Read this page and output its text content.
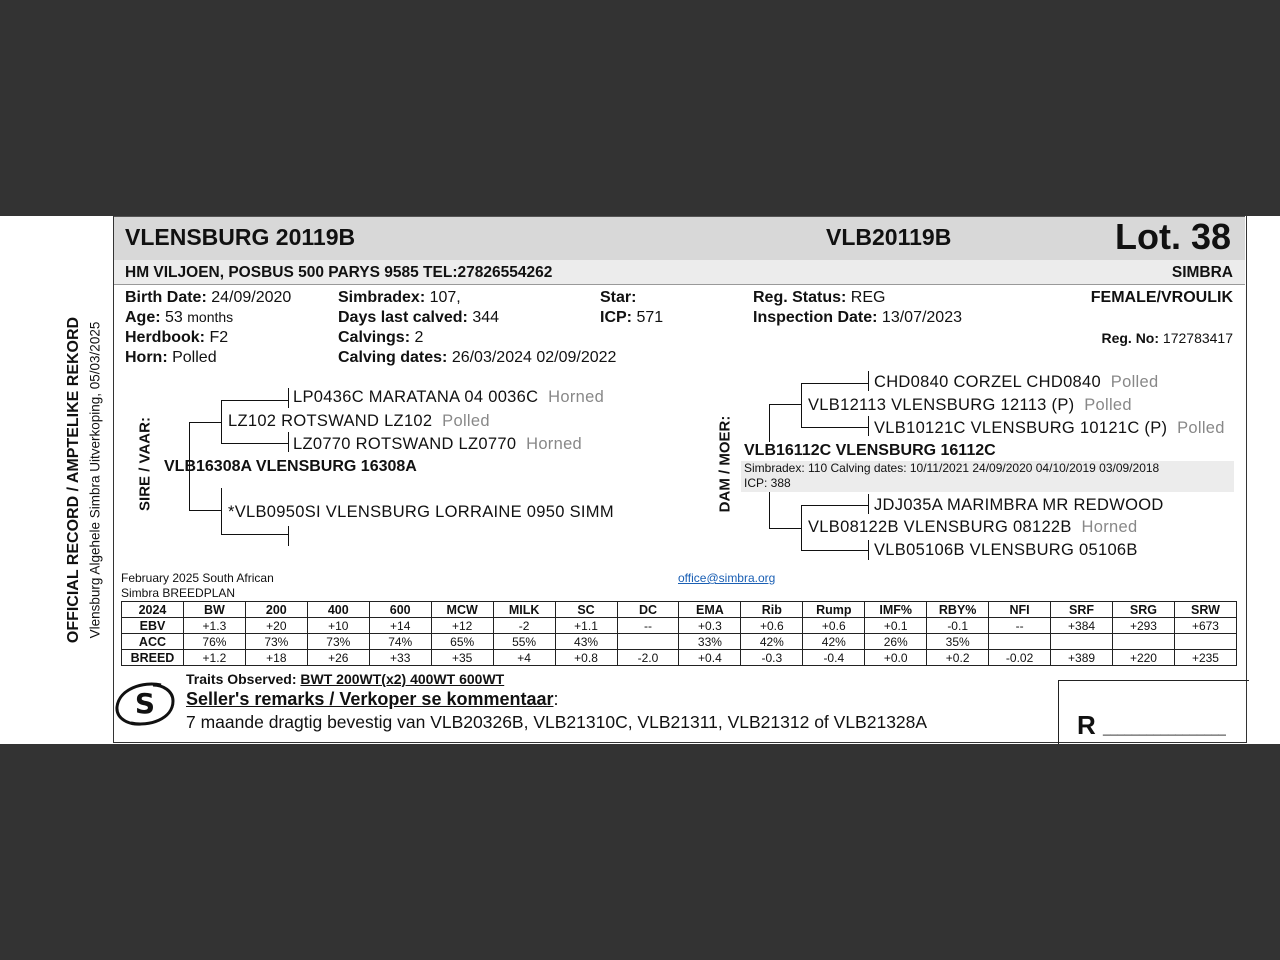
OFFICIAL RECORD / AMPTELIKE REKORD Vlensburg Algehele Simbra Uitverkoping, 05/03/2025
VLENSBURG 20119B	VLB20119B	Lot. 38
HM VILJOEN, POSBUS 500 PARYS 9585 TEL:27826554262	SIMBRA
Birth Date: 24/09/2020
Age: 53 months
Herdbook: F2
Horn: Polled
Simbradex: 107,
Days last calved: 344
Calvings: 2
Calving dates: 26/03/2024 02/09/2022
Star:
ICP: 571
Reg. Status: REG
Inspection Date: 13/07/2023
FEMALE/VROULIK
Reg. No: 172783417
SIRE / VAAR:
LP0436C MARATANA 04 0036C Horned
LZ102 ROTSWAND LZ102 Polled
LZ0770 ROTSWAND LZ0770 Horned
VLB16308A VLENSBURG 16308A
*VLB0950SI VLENSBURG LORRAINE 0950 SIMM	DAM / MOER:
CHD0840 CORZEL CHD0840 Polled
VLB12113 VLENSBURG 12113 (P) Polled
VLB10121C VLENSBURG 10121C (P) Polled
VLB16112C VLENSBURG 16112C
Simbradex: 110 Calving dates: 10/11/2021 24/09/2020 04/10/2019 03/09/2018
ICP: 388
JDJ035A MARIMBRA MR REDWOOD
VLB08122B VLENSBURG 08122B Horned
VLB05106B VLENSBURG 05106B
February 2025 South African
Simbra BREEDPLAN
office@simbra.org
2024	BW	200	400	600	MCW	MILK	SC	DC	EMA	Rib	Rump	IMF%	RBY%	NFI	SRF	SRG	SRW
EBV	+1.3	+20	+10	+14	+12	-2	+1.1	--	+0.3	+0.6	+0.6	+0.1	-0.1	--	+384	+293	+673
ACC	76%	73%	73%	74%	65%	55%	43%		33%	42%	42%	26%	35%				
BREED	+1.2	+18	+26	+33	+35	+4	+0.8	-2.0	+0.4	-0.3	-0.4	+0.0	+0.2	-0.02	+389	+220	+235
S
Traits Observed: BWT 200WT(x2) 400WT 600WT
Seller's remarks / Verkoper se kommentaar:
7 maande dragtig bevestig van VLB20326B, VLB21310C, VLB21311, VLB21312 of VLB21328A	R _________________
